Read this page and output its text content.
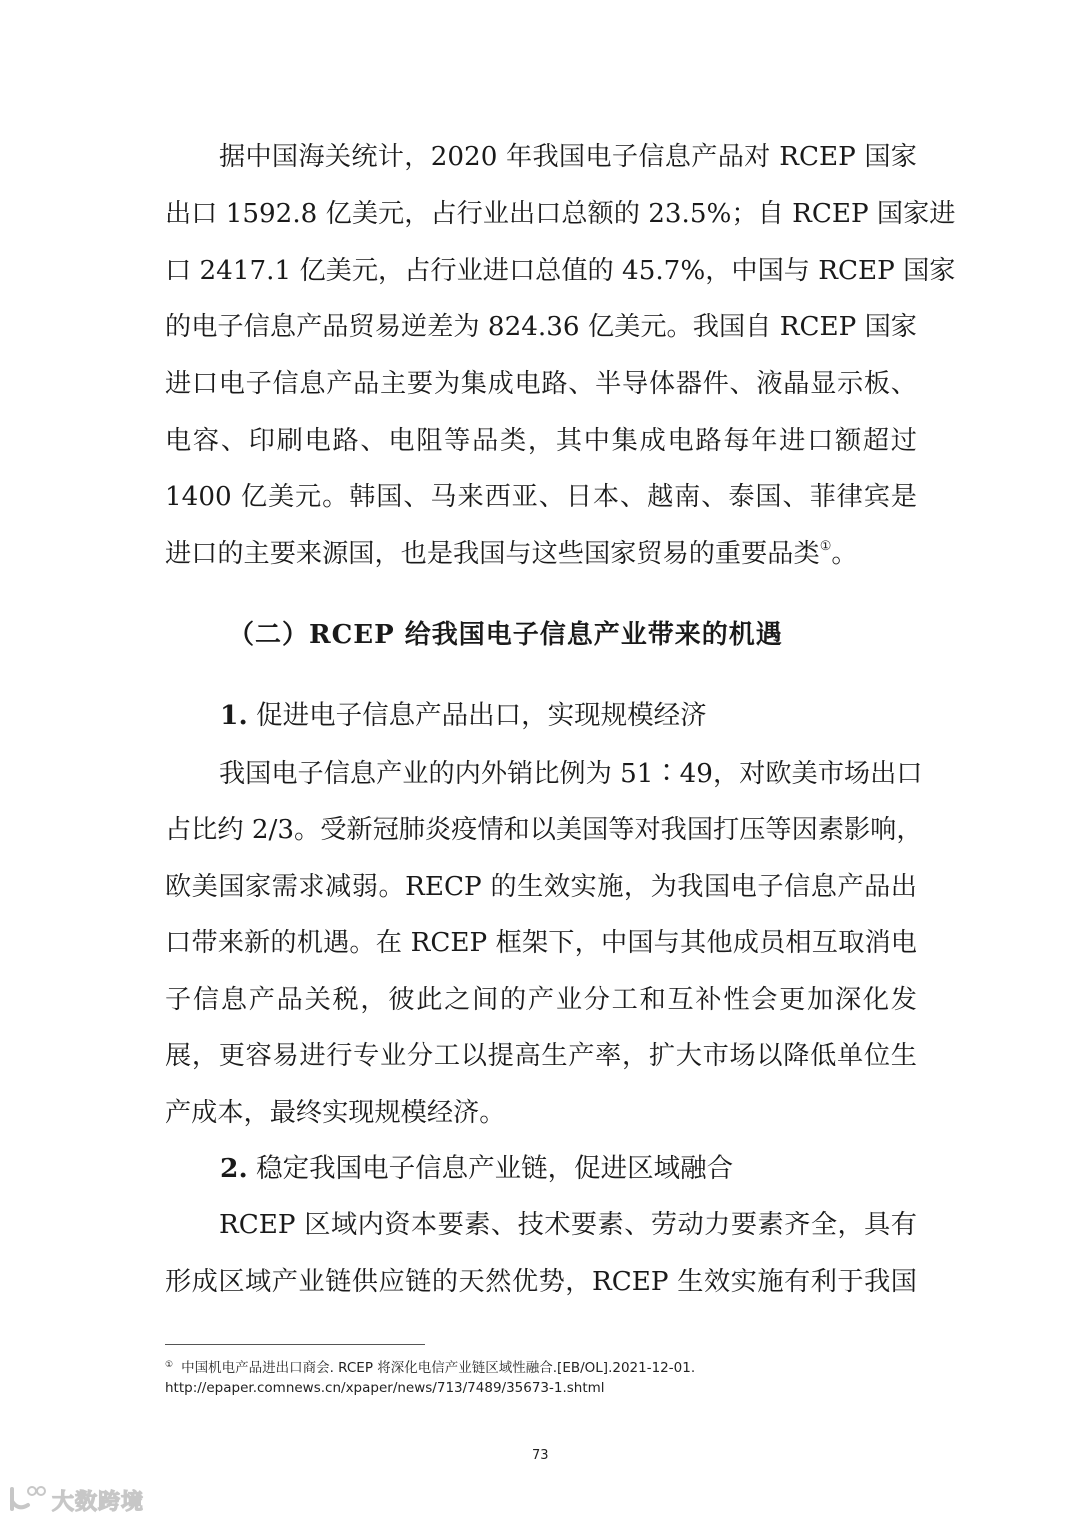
据中国海关统计，2020 年我国电子信息产品对 RCEP 国家
出口 1592.8 亿美元，占行业出口总额的 23.5%；自 RCEP 国家进
口 2417.1 亿美元，占行业进口总值的 45.7%，中国与 RCEP 国家
的电子信息产品贸易逆差为 824.36 亿美元。我国自 RCEP 国家
进口电子信息产品主要为集成电路、半导体器件、液晶显示板、
电容、印刷电路、电阻等品类，其中集成电路每年进口额超过
1400 亿美元。韩国、马来西亚、日本、越南、泰国、菲律宾是
进口的主要来源国，也是我国与这些国家贸易的重要品类①。
（二）RCEP 给我国电子信息产业带来的机遇
1. 促进电子信息产品出口，实现规模经济
我国电子信息产业的内外销比例为 51∶49，对欧美市场出口
占比约 2/3。受新冠肺炎疫情和以美国等对我国打压等因素影响，
欧美国家需求减弱。RECP 的生效实施，为我国电子信息产品出
口带来新的机遇。在 RCEP 框架下，中国与其他成员相互取消电
子信息产品关税，彼此之间的产业分工和互补性会更加深化发
展，更容易进行专业分工以提高生产率，扩大市场以降低单位生
产成本，最终实现规模经济。
2. 稳定我国电子信息产业链，促进区域融合
RCEP 区域内资本要素、技术要素、劳动力要素齐全，具有
形成区域产业链供应链的天然优势，RCEP 生效实施有利于我国
① 中国机电产品进出口商会. RCEP 将深化电信产业链区域性融合.[EB/OL].2021-12-01.
http://epaper.comnews.cn/xpaper/news/713/7489/35673-1.shtml
73
大数跨境
